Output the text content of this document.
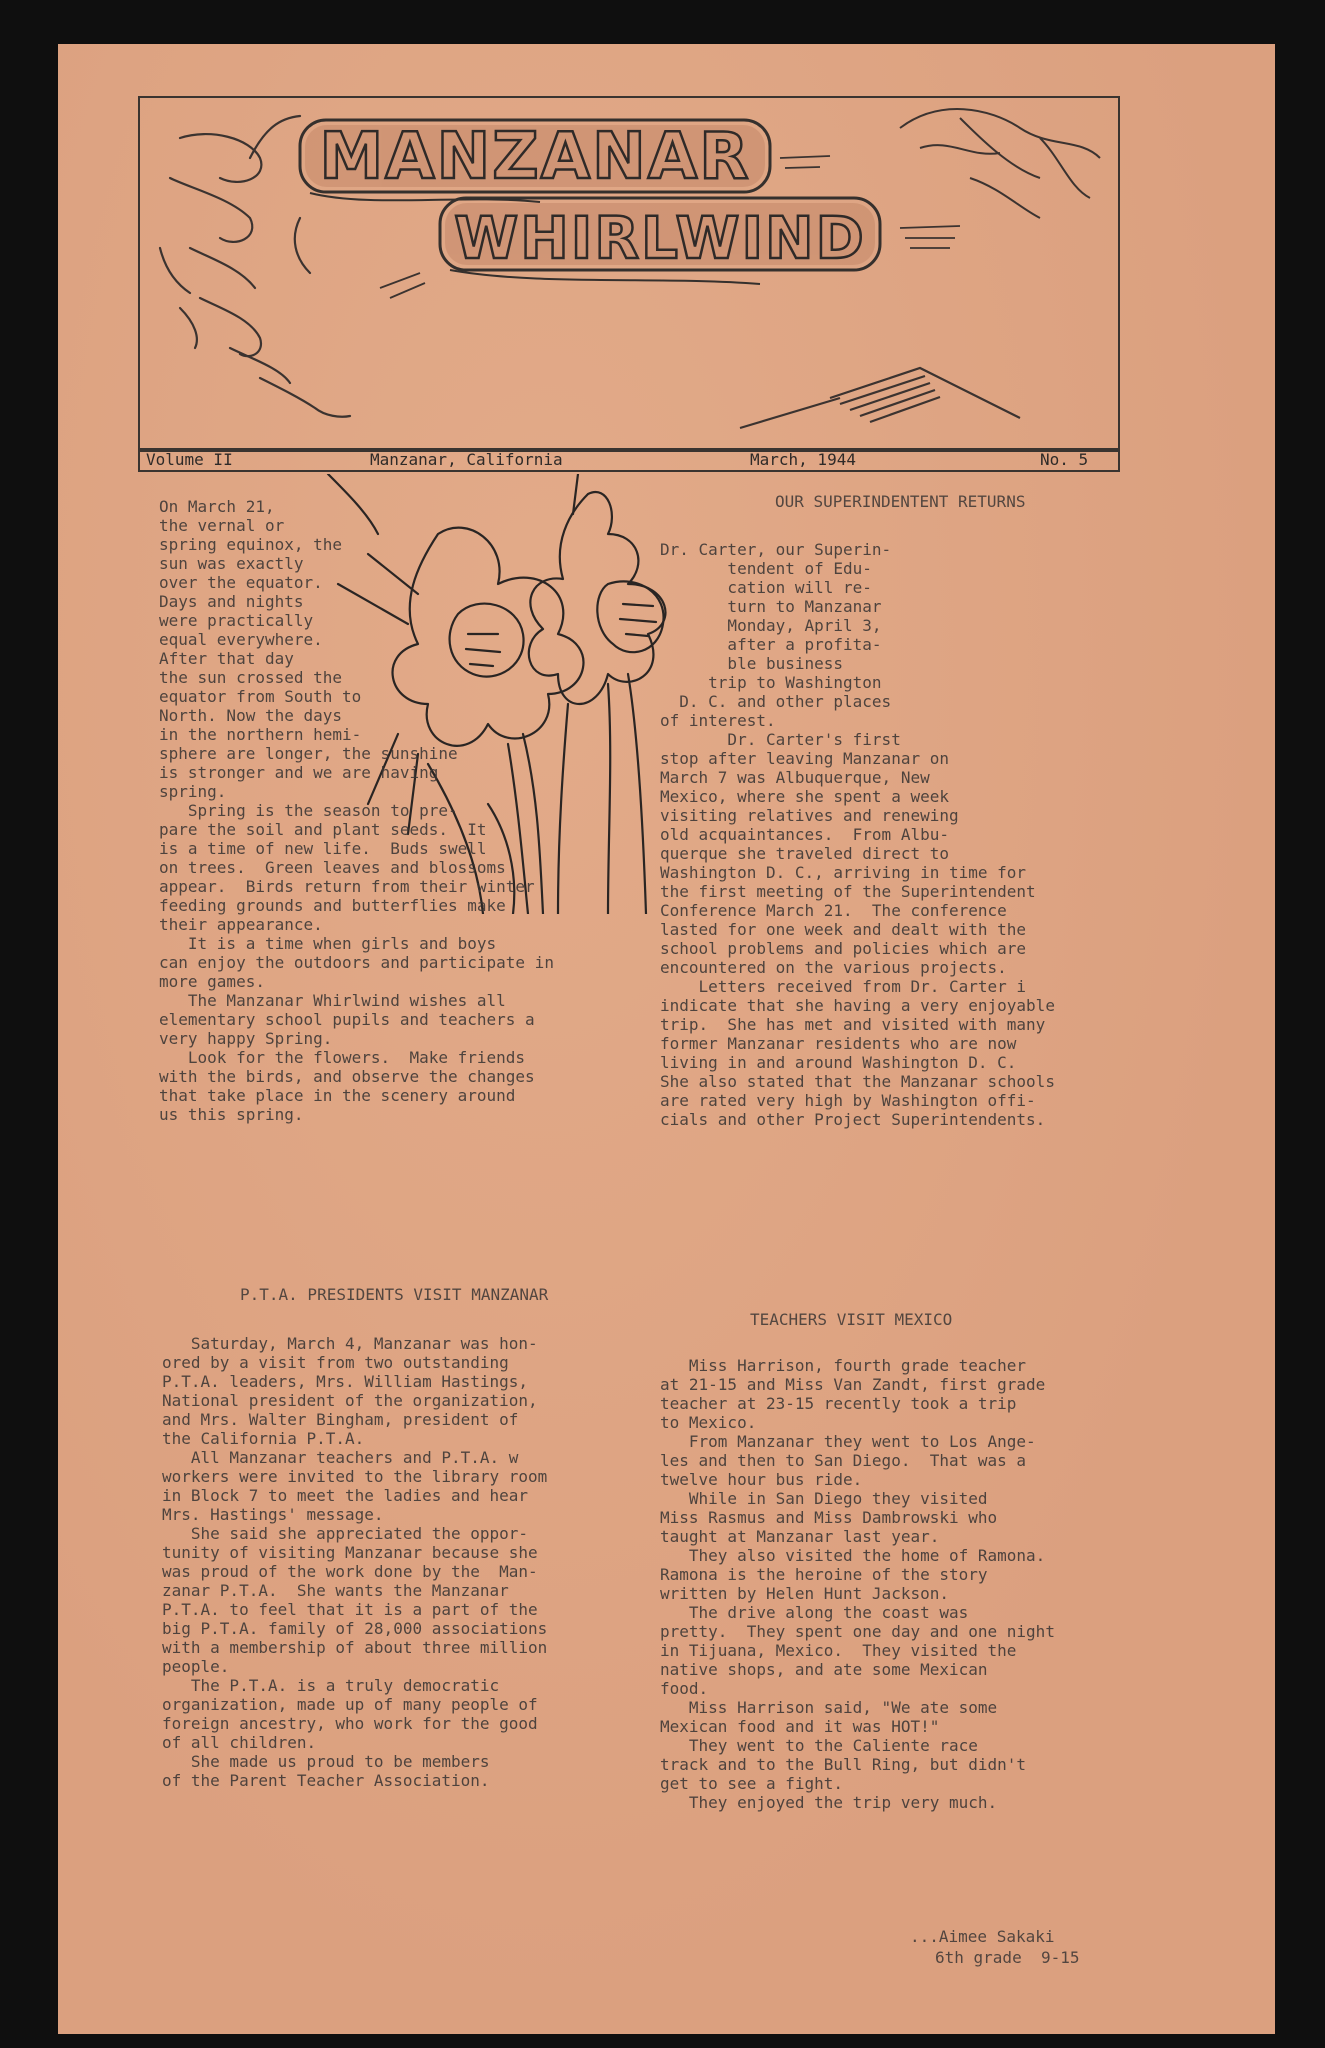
MANZANAR
WHIRLWIND
Volume II	Manzanar, California	March, 1944	No. 5
On March 21,
the vernal or
spring equinox, the
sun was exactly
over the equator.
Days and nights
were practically
equal everywhere.
After that day
the sun crossed the
equator from South to
North. Now the days
in the northern hemi-
sphere are longer, the sunshine
is stronger and we are having
spring.
Spring is the season to pre-
pare the soil and plant seeds.  It
is a time of new life.  Buds swell
on trees.  Green leaves and blossoms
appear.  Birds return from their winter
feeding grounds and butterflies make
their appearance.
It is a time when girls and boys
can enjoy the outdoors and participate in
more games.
The Manzanar Whirlwind wishes all
elementary school pupils and teachers a
very happy Spring.
Look for the flowers.  Make friends
with the birds, and observe the changes
that take place in the scenery around
us this spring.
OUR SUPERINDENTENT RETURNS
Dr. Carter, our Superin-
tendent of Edu-
cation will re-
turn to Manzanar
Monday, April 3,
after a profita-
ble business
trip to Washington
D. C. and other places
of interest.
Dr. Carter's first
stop after leaving Manzanar on
March 7 was Albuquerque, New
Mexico, where she spent a week
visiting relatives and renewing
old acquaintances.  From Albu-
querque she traveled direct to
Washington D. C., arriving in time for
the first meeting of the Superintendent
Conference March 21.  The conference
lasted for one week and dealt with the
school problems and policies which are
encountered on the various projects.
Letters received from Dr. Carter i
indicate that she having a very enjoyable
trip.  She has met and visited with many
former Manzanar residents who are now
living in and around Washington D. C.
She also stated that the Manzanar schools
are rated very high by Washington offi-
cials and other Project Superintendents.
P.T.A. PRESIDENTS VISIT MANZANAR
Saturday, March 4, Manzanar was hon-
ored by a visit from two outstanding
P.T.A. leaders, Mrs. William Hastings,
National president of the organization,
and Mrs. Walter Bingham, president of
the California P.T.A.
All Manzanar teachers and P.T.A. w
workers were invited to the library room
in Block 7 to meet the ladies and hear
Mrs. Hastings' message.
She said she appreciated the oppor-
tunity of visiting Manzanar because she
was proud of the work done by the  Man-
zanar P.T.A.  She wants the Manzanar
P.T.A. to feel that it is a part of the
big P.T.A. family of 28,000 associations
with a membership of about three million
people.
The P.T.A. is a truly democratic
organization, made up of many people of
foreign ancestry, who work for the good
of all children.
She made us proud to be members
of the Parent Teacher Association.
TEACHERS VISIT MEXICO
Miss Harrison, fourth grade teacher
at 21-15 and Miss Van Zandt, first grade
teacher at 23-15 recently took a trip
to Mexico.
From Manzanar they went to Los Ange-
les and then to San Diego.  That was a
twelve hour bus ride.
While in San Diego they visited
Miss Rasmus and Miss Dambrowski who
taught at Manzanar last year.
They also visited the home of Ramona.
Ramona is the heroine of the story
written by Helen Hunt Jackson.
The drive along the coast was
pretty.  They spent one day and one night
in Tijuana, Mexico.  They visited the
native shops, and ate some Mexican
food.
Miss Harrison said, "We ate some
Mexican food and it was HOT!"
They went to the Caliente race
track and to the Bull Ring, but didn't
get to see a fight.
They enjoyed the trip very much.
...Aimee Sakaki
6th grade  9-15
